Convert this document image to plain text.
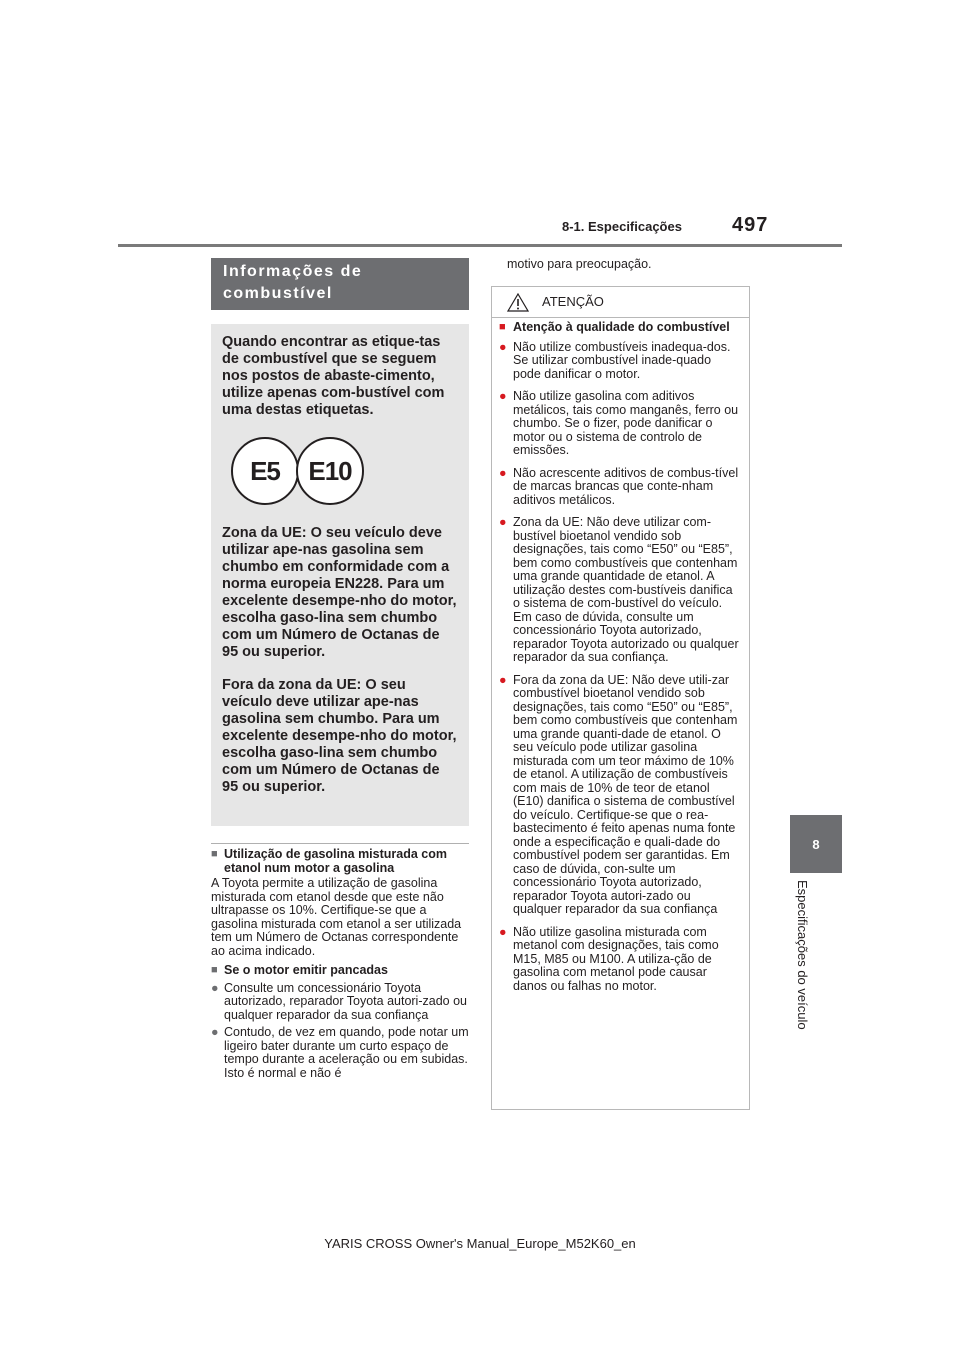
8-1. Especificações	497
8
Especificações do veículo
Informações de
combustível

Quando encontrar as etique-tas de combustível que se seguem nos postos de abaste-cimento, utilize apenas com-bustível com uma destas etiquetas.

E5	E10

Zona da UE: O seu veículo deve utilizar ape-nas gasolina sem chumbo em conformidade com a norma europeia EN228. Para um excelente desempe-nho do motor, escolha gaso-lina sem chumbo com um Número de Octanas de 95 ou superior.

Fora da zona da UE: O seu veículo deve utilizar ape-nas gasolina sem chumbo. Para um excelente desempe-nho do motor, escolha gaso-lina sem chumbo com um Número de Octanas de 95 ou superior.

■ Utilização de gasolina misturada com etanol num motor a gasolina

A Toyota permite a utilização de gasolina misturada com etanol desde que este não ultrapasse os 10%. Certifique-se que a gasolina misturada com etanol a ser utilizada tem um Número de Octanas correspondente ao acima indicado.

■ Se o motor emitir pancadas
● Consulte um concessionário Toyota autorizado, reparador Toyota autori-zado ou qualquer reparador da sua confiança
● Contudo, de vez em quando, pode notar um ligeiro bater durante um curto espaço de tempo durante a aceleração ou em subidas. Isto é normal e não é
motivo para preocupação.
ATENÇÃO
■ Atenção à qualidade do combustível
● Não utilize combustíveis inadequa-dos. Se utilizar combustível inade-quado pode danificar o motor.
● Não utilize gasolina com aditivos metálicos, tais como manganês, ferro ou chumbo. Se o fizer, pode danificar o motor ou o sistema de controlo de emissões.
● Não acrescente aditivos de combus-tível de marcas brancas que conte-nham aditivos metálicos.
● Zona da UE: Não deve utilizar com-bustível bioetanol vendido sob designações, tais como “E50” ou “E85”, bem como combustíveis que contenham uma grande quantidade de etanol. A utilização destes com-bustíveis danifica o sistema de com-bustível do veículo. Em caso de dúvida, consulte um concessionário Toyota autorizado, reparador Toyota autorizado ou qualquer reparador da sua confiança.
● Fora da zona da UE: Não deve utili-zar combustível bioetanol vendido sob designações, tais como “E50” ou “E85”, bem como combustíveis que contenham uma grande quanti-dade de etanol. O seu veículo pode utilizar gasolina misturada com um teor máximo de 10% de etanol. A utilização de combustíveis com mais de 10% de teor de etanol (E10) danifica o sistema de combustível do veículo. Certifique-se que o rea-bastecimento é feito apenas numa fonte onde a especificação e quali-dade do combustível podem ser garantidas. Em caso de dúvida, con-sulte um concessionário Toyota autorizado, reparador Toyota autori-zado ou qualquer reparador da sua confiança
● Não utilize gasolina misturada com metanol com designações, tais como M15, M85 ou M100. A utiliza-ção de gasolina com metanol pode causar danos ou falhas no motor.
YARIS CROSS Owner's Manual_Europe_M52K60_en
